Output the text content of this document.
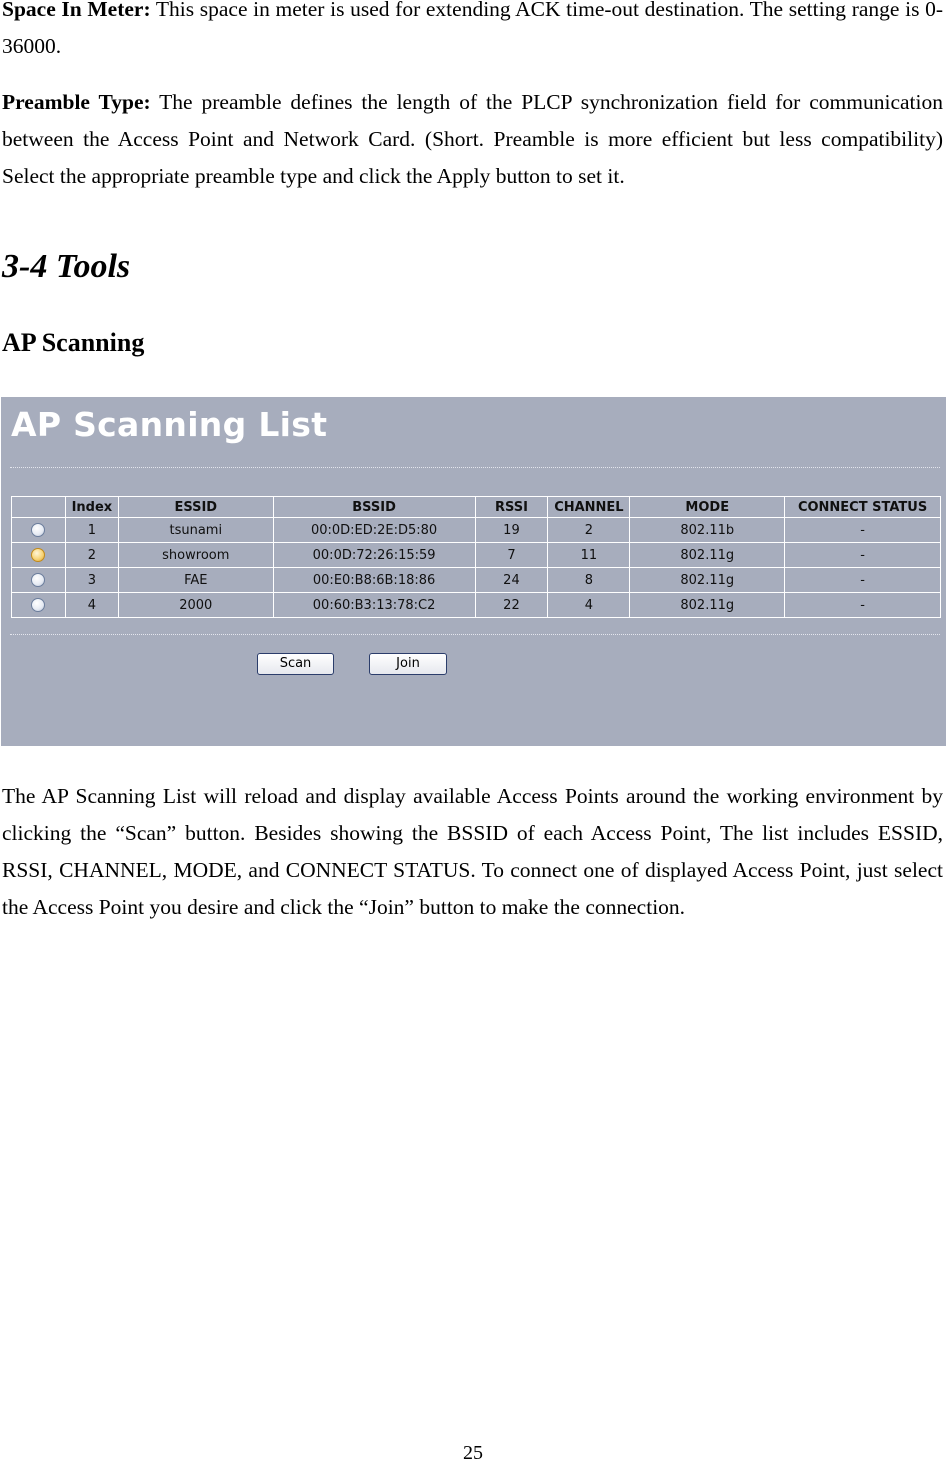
Space In Meter: This space in meter is used for extending ACK time-out destination. The setting range is 0-36000.

Preamble Type: The preamble defines the length of the PLCP synchronization field for communication between the Access Point and Network Card. (Short. Preamble is more efficient but less compatibility) Select the appropriate preamble type and click the Apply button to set it.

3-4 Tools
AP Scanning
AP Scanning List
	Index	ESSID	BSSID	RSSI	CHANNEL	MODE	CONNECT STATUS
	1	tsunami	00:0D:ED:2E:D5:80	19	2	802.11b	-
	2	showroom	00:0D:72:26:15:59	7	11	802.11g	-
	3	FAE	00:E0:B8:6B:18:86	24	8	802.11g	-
	4	2000	00:60:B3:13:78:C2	22	4	802.11g	-
Scan	Join

The AP Scanning List will reload and display available Access Points around the working environment by clicking the “Scan” button. Besides showing the BSSID of each Access Point, The list includes ESSID, RSSI, CHANNEL, MODE, and CONNECT STATUS. To connect one of displayed Access Point, just select the Access Point you desire and click the “Join” button to make the connection.

25
